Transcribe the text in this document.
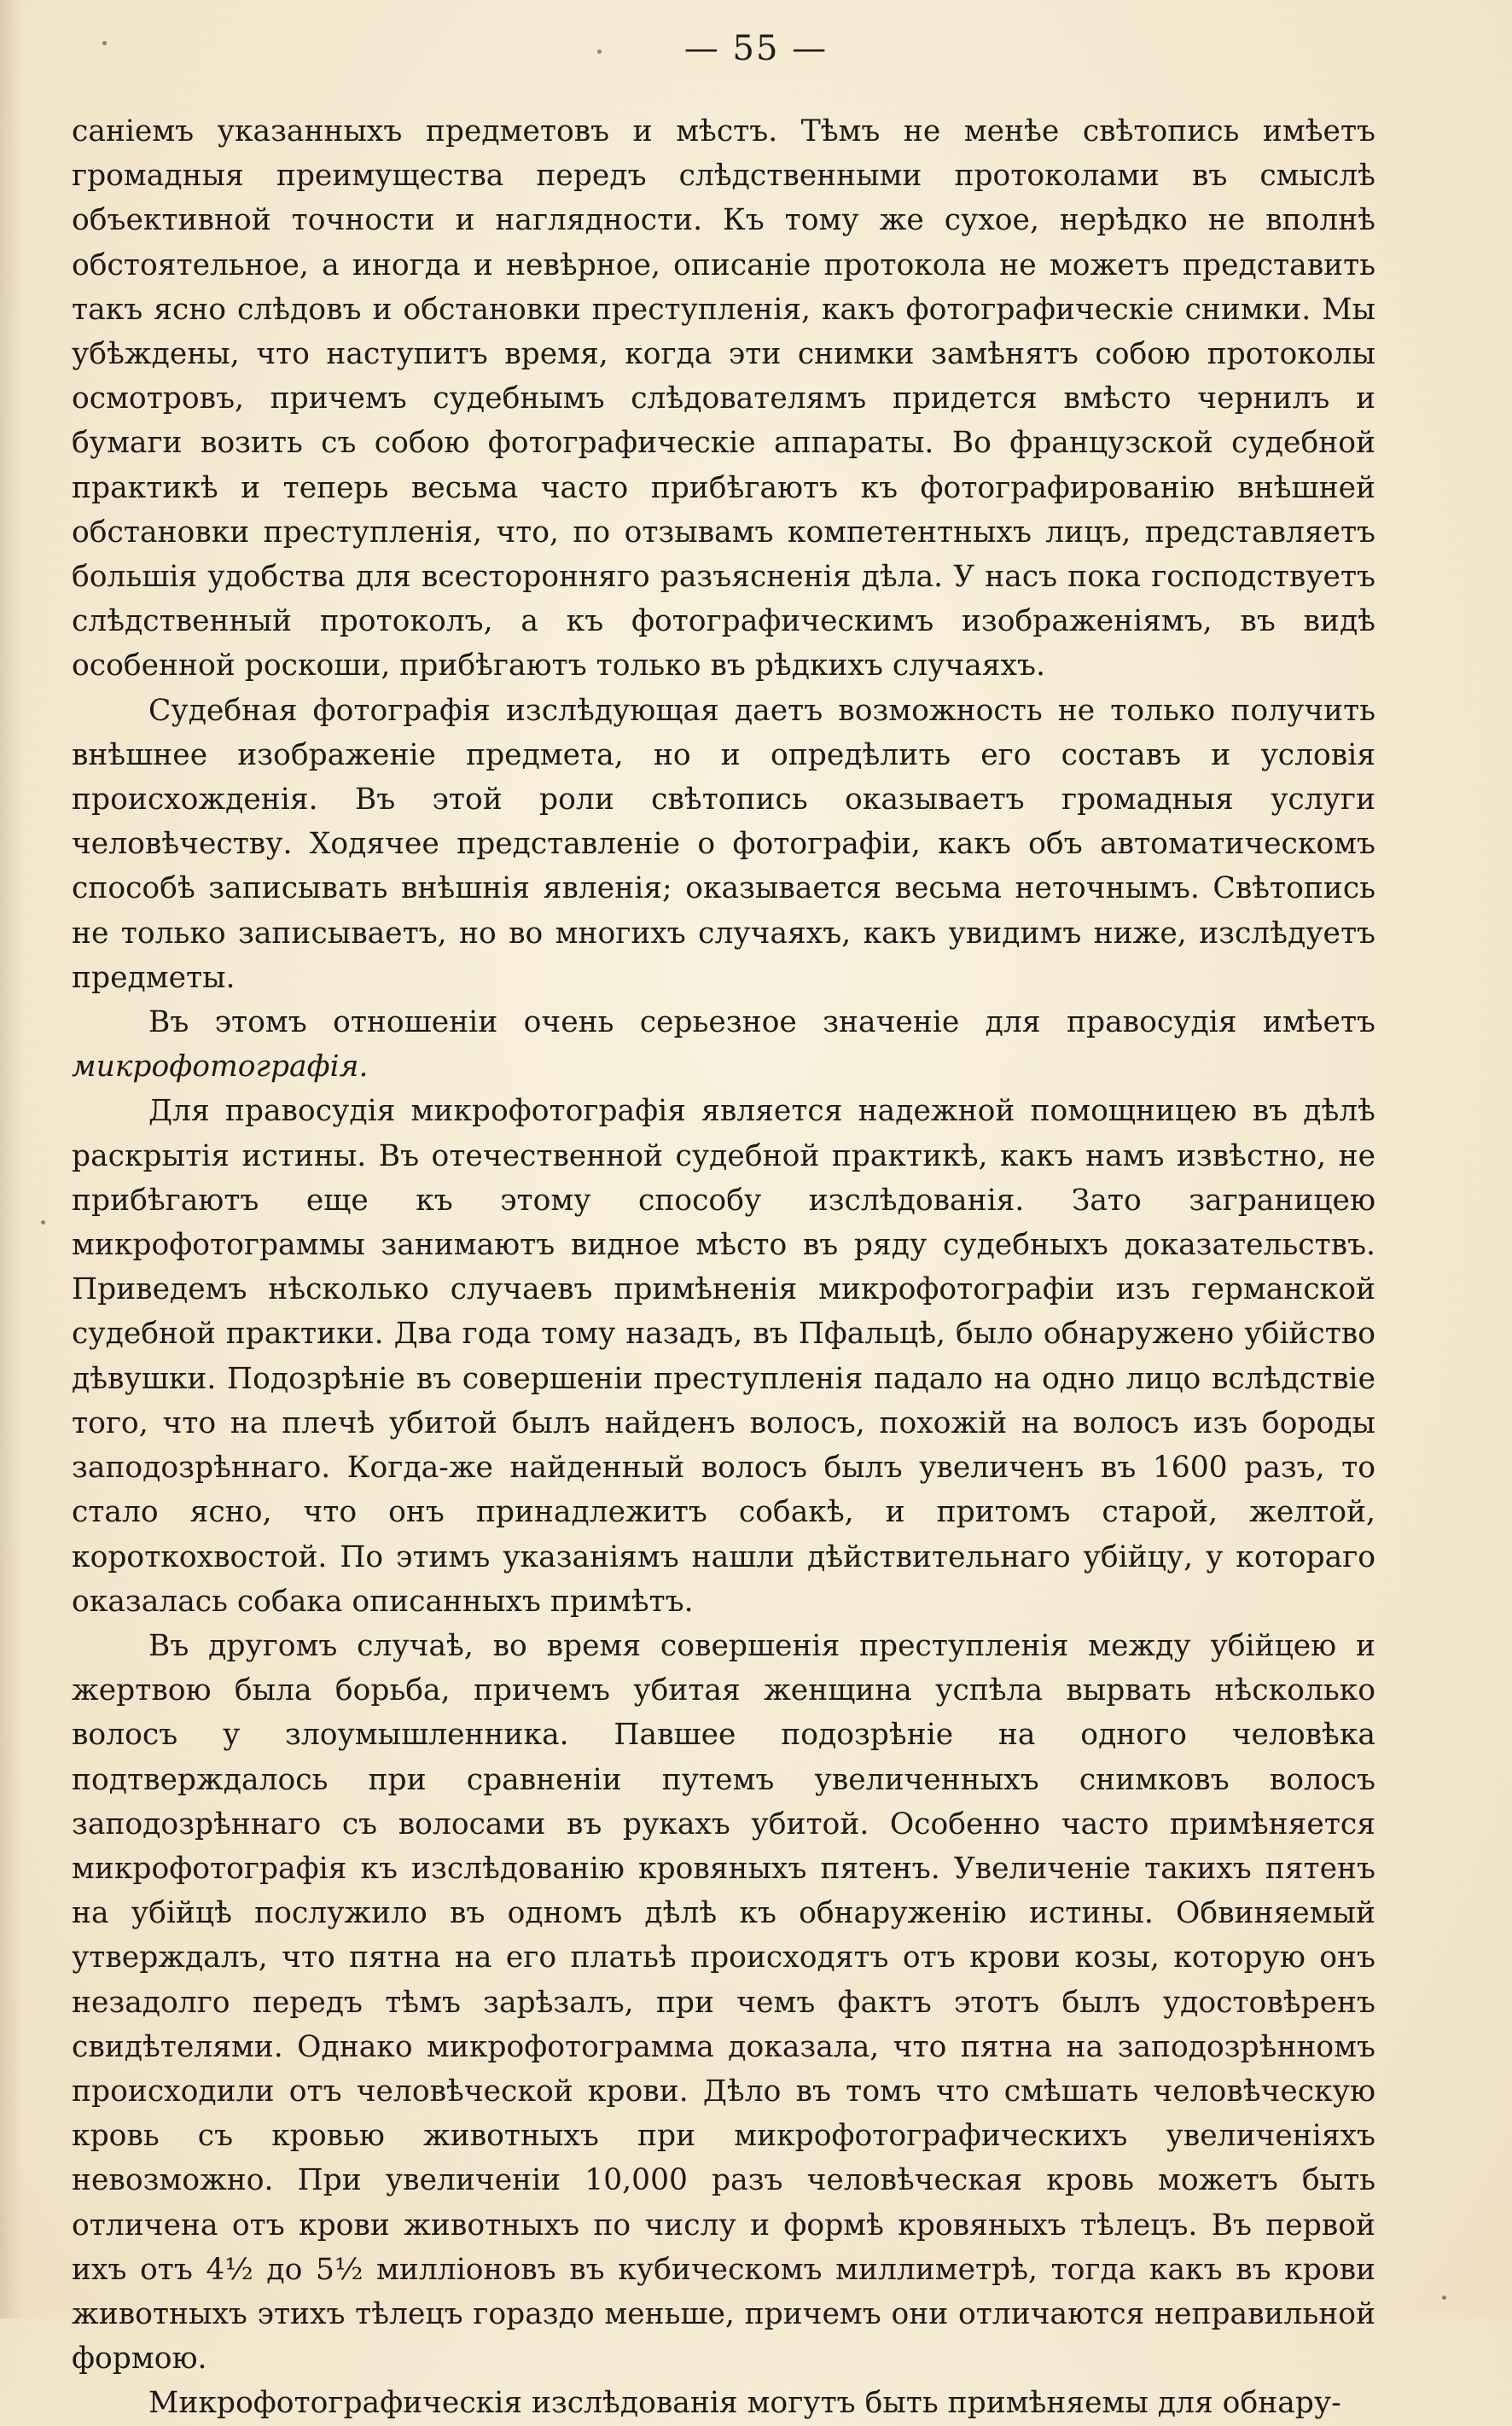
— 55 —

саніемъ указанныхъ предметовъ и мѣстъ. Тѣмъ не менѣе свѣтопись имѣетъ громадныя преимущества передъ слѣдственными протоколами въ смыслѣ объективной точности и наглядности. Къ тому же сухое, нерѣдко не вполнѣ обстоятельное, а иногда и невѣрное, описаніе протокола не можетъ представить такъ ясно слѣдовъ и обстановки преступленія, какъ фотографическіе снимки. Мы убѣждены, что наступитъ время, когда эти снимки замѣнятъ собою протоколы осмотровъ, причемъ судебнымъ слѣдователямъ придется вмѣсто чернилъ и бумаги возить съ собою фотографическіе аппараты. Во французской судебной практикѣ и теперь весьма часто прибѣгаютъ къ фотографированію внѣшней обстановки преступленія, что, по отзывамъ компетентныхъ лицъ, представляетъ большія удобства для всесторонняго разъясненія дѣла. У насъ пока господствуетъ слѣдственный протоколъ, а къ фотографическимъ изображеніямъ, въ видѣ особенной роскоши, прибѣгаютъ только въ рѣдкихъ случаяхъ.

Судебная фотографія изслѣдующая даетъ возможность не только получить внѣшнее изображеніе предмета, но и опредѣлить его составъ и условія происхожденія. Въ этой роли свѣтопись оказываетъ громадныя услуги человѣчеству. Ходячее представленіе о фотографіи, какъ объ автоматическомъ способѣ записывать внѣшнія явленія; оказывается весьма неточнымъ. Свѣтопись не только записываетъ, но во многихъ случаяхъ, какъ увидимъ ниже, изслѣдуетъ предметы.

Въ этомъ отношеніи очень серьезное значеніе для правосудія имѣетъ микрофотографія.

Для правосудія микрофотографія является надежной помощницею въ дѣлѣ раскрытія истины. Въ отечественной судебной практикѣ, какъ намъ извѣстно, не прибѣгаютъ еще къ этому способу изслѣдованія. Зато заграницею микрофотограммы занимаютъ видное мѣсто въ ряду судебныхъ доказательствъ. Приведемъ нѣсколько случаевъ примѣненія микрофотографіи изъ германской судебной практики. Два года тому назадъ, въ Пфальцѣ, было обнаружено убійство дѣвушки. Подозрѣніе въ совершеніи преступленія падало на одно лицо вслѣдствіе того, что на плечѣ убитой былъ найденъ волосъ, похожій на волосъ изъ бороды заподозрѣннаго. Когда-же найденный волосъ былъ увеличенъ въ 1600 разъ, то стало ясно, что онъ принадлежитъ собакѣ, и притомъ старой, желтой, короткохвостой. По этимъ указаніямъ нашли дѣйствительнаго убійцу, у котораго оказалась собака описанныхъ примѣтъ.

Въ другомъ случаѣ, во время совершенія преступленія между убійцею и жертвою была борьба, причемъ убитая женщина успѣла вырвать нѣсколько волосъ у злоумышленника. Павшее подозрѣніе на одного человѣка подтверждалось при сравненіи путемъ увеличенныхъ снимковъ волосъ заподозрѣннаго съ волосами въ рукахъ убитой. Особенно часто примѣняется микрофотографія къ изслѣдованію кровяныхъ пятенъ. Увеличеніе такихъ пятенъ на убійцѣ послужило въ одномъ дѣлѣ къ обнаруженію истины. Обвиняемый утверждалъ, что пятна на его платьѣ происходятъ отъ крови козы, которую онъ незадолго передъ тѣмъ зарѣзалъ, при чемъ фактъ этотъ былъ удостовѣренъ свидѣтелями. Однако микрофотограмма доказала, что пятна на заподозрѣнномъ происходили отъ человѣческой крови. Дѣло въ томъ что смѣшать человѣческую кровь съ кровью животныхъ при микрофотографическихъ увеличеніяхъ невозможно. При увеличеніи 10,000 разъ человѣческая кровь можетъ быть отличена отъ крови животныхъ по числу и формѣ кровяныхъ тѣлецъ. Въ первой ихъ отъ 4½ до 5½ милліоновъ въ кубическомъ миллиметрѣ, тогда какъ въ крови животныхъ этихъ тѣлецъ гораздо меньше, причемъ они отличаются неправильной формою.

Микрофотографическія изслѣдованія могутъ быть примѣняемы для обнару-
